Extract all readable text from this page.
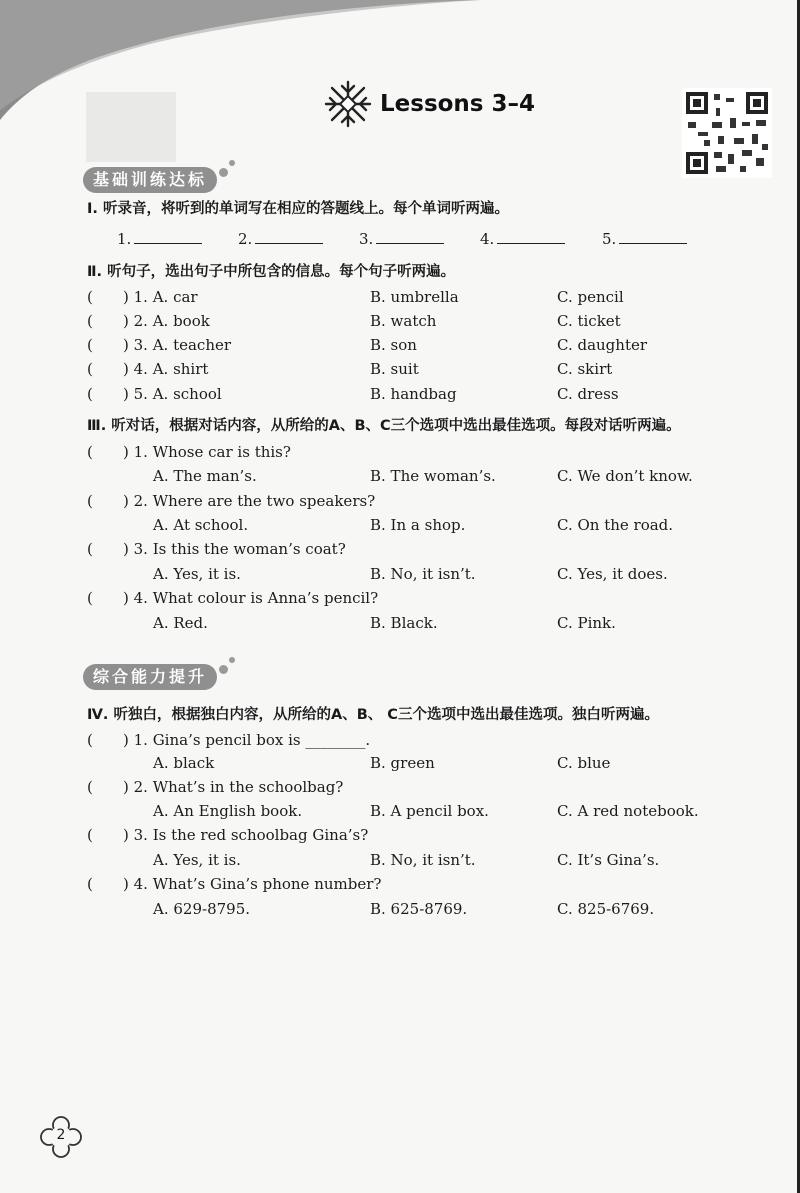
Lessons 3–4
基础训练达标
Ⅰ. 听录音，将听到的单词写在相应的答题线上。每个单词听两遍。
1.	2.	3.	4.	5.
Ⅱ. 听句子，选出句子中所包含的信息。每个句子听两遍。
( ) 1. A. car	B. umbrella	C. pencil
( ) 2. A. book	B. watch	C. ticket
( ) 3. A. teacher	B. son	C. daughter
( ) 4. A. shirt	B. suit	C. skirt
( ) 5. A. school	B. handbag	C. dress
Ⅲ. 听对话，根据对话内容，从所给的A、B、C三个选项中选出最佳选项。每段对话听两遍。
( ) 1. Whose car is this?
A. The man’s.	B. The woman’s.	C. We don’t know.
( ) 2. Where are the two speakers?
A. At school.	B. In a shop.	C. On the road.
( ) 3. Is this the woman’s coat?
A. Yes, it is.	B. No, it isn’t.	C. Yes, it does.
( ) 4. What colour is Anna’s pencil?
A. Red.	B. Black.	C. Pink.
综合能力提升
Ⅳ. 听独白，根据独白内容，从所给的A、B、 C三个选项中选出最佳选项。独白听两遍。
( ) 1. Gina’s pencil box is ________.
A. black	B. green	C. blue
( ) 2. What’s in the schoolbag?
A. An English book.	B. A pencil box.	C. A red notebook.
( ) 3. Is the red schoolbag Gina’s?
A. Yes, it is.	B. No, it isn’t.	C. It’s Gina’s.
( ) 4. What’s Gina’s phone number?
A. 629-8795.	B. 625-8769.	C. 825-6769.
2
